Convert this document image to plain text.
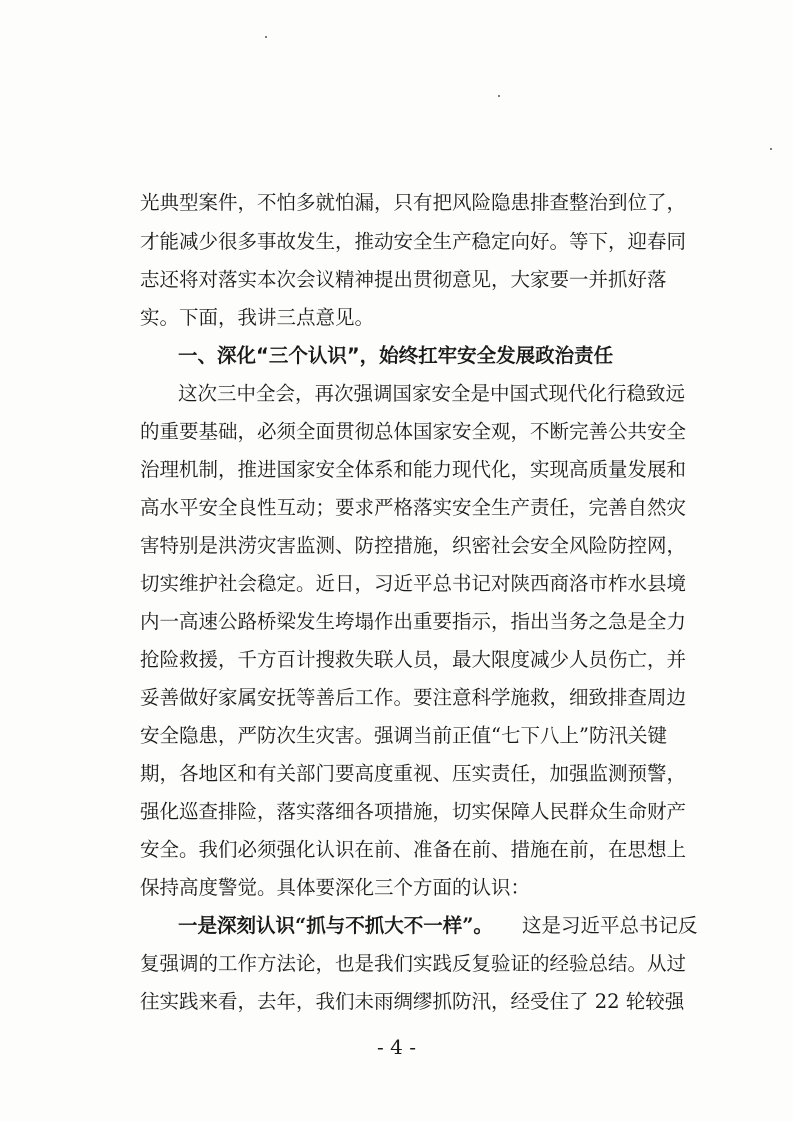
光典型案件，不怕多就怕漏，只有把风险隐患排查整治到位了，
才能减少很多事故发生，推动安全生产稳定向好。等下，迎春同
志还将对落实本次会议精神提出贯彻意见，大家要一并抓好落
实。下面，我讲三点意见。
一、深化“三个认识”，始终扛牢安全发展政治责任
这次三中全会，再次强调国家安全是中国式现代化行稳致远
的重要基础，必须全面贯彻总体国家安全观，不断完善公共安全
治理机制，推进国家安全体系和能力现代化，实现高质量发展和
高水平安全良性互动；要求严格落实安全生产责任，完善自然灾
害特别是洪涝灾害监测、防控措施，织密社会安全风险防控网，
切实维护社会稳定。近日，习近平总书记对陕西商洛市柞水县境
内一高速公路桥梁发生垮塌作出重要指示，指出当务之急是全力
抢险救援，千方百计搜救失联人员，最大限度减少人员伤亡，并
妥善做好家属安抚等善后工作。要注意科学施救，细致排查周边
安全隐患，严防次生灾害。强调当前正值“七下八上”防汛关键
期，各地区和有关部门要高度重视、压实责任，加强监测预警，
强化巡查排险，落实落细各项措施，切实保障人民群众生命财产
安全。我们必须强化认识在前、准备在前、措施在前，在思想上
保持高度警觉。具体要深化三个方面的认识：
一是深刻认识“抓与不抓大不一样”。 这是习近平总书记反
复强调的工作方法论，也是我们实践反复验证的经验总结。从过
往实践来看，去年，我们未雨绸缪抓防汛，经受住了 22 轮较强
- 4 -
